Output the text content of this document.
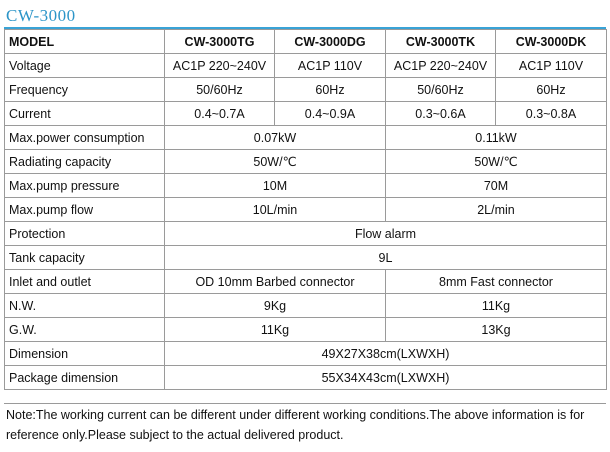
CW-3000
MODEL	CW-3000TG	CW-3000DG	CW-3000TK	CW-3000DK
Voltage	AC1P 220~240V	AC1P 110V	AC1P 220~240V	AC1P 110V
Frequency	50/60Hz	60Hz	50/60Hz	60Hz
Current	0.4~0.7A	0.4~0.9A	0.3~0.6A	0.3~0.8A
Max.power consumption	0.07kW		0.11kW	
Radiating capacity	50W/℃		50W/℃	
Max.pump pressure	10M		70M	
Max.pump flow	10L/min		2L/min	
Protection	Flow alarm			
Tank capacity	9L			
Inlet and outlet	OD 10mm Barbed connector		8mm Fast connector	
N.W.	9Kg		11Kg	
G.W.	11Kg		13Kg	
Dimension	49X27X38cm(LXWXH)			
Package dimension	55X34X43cm(LXWXH)			
Note:The working current can be different under different working conditions.The above information is for reference only.Please subject to the actual delivered product.
